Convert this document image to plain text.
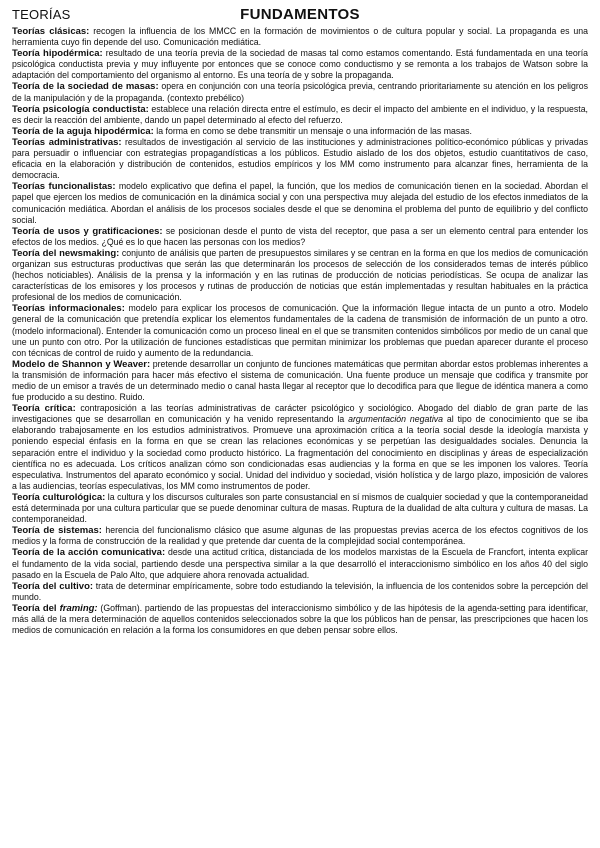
TEORÍAS	FUNDAMENTOS

Teorías clásicas: recogen la influencia de los MMCC en la formación de movimientos o de cultura popular y social. La propaganda es una herramienta cuyo fin depende del uso. Comunicación mediática.

Teoría hipodérmica: resultado de una teoría previa de la sociedad de masas tal como estamos comentando. Está fundamentada en una teoría psicológica conductista previa y muy influyente por entonces que se conoce como conductismo y se remonta a los trabajos de Watson sobre la adaptación del comportamiento del organismo al entorno. Es una teoría de y sobre la propaganda.

Teoría de la sociedad de masas: opera en conjunción con una teoría psicológica previa, centrando prioritariamente su atención en los peligros de la manipulación y de la propaganda. (contexto prebélico)

Teoría psicología conductista: establece una relación directa entre el estímulo, es decir el impacto del ambiente en el individuo, y la respuesta, es decir la reacción del ambiente, dando un papel determinado al efecto del refuerzo.

Teoría de la aguja hipodérmica: la forma en como se debe transmitir un mensaje o una información de las masas.

Teorías administrativas: resultados de investigación al servicio de las instituciones y administraciones político-económico públicas y privadas para persuadir o influenciar con estrategias propagandísticas a los públicos. Estudio aislado de los dos objetos, estudio cuantitativos de caso, eficacia en la elaboración y distribución de contenidos, estudios empíricos y los MM como instrumento para alcanzar fines, herramienta de la democracia.

Teorías funcionalistas: modelo explicativo que defina el papel, la función, que los medios de comunicación tienen en la sociedad. Abordan el papel que ejercen los medios de comunicación en la dinámica social y con una perspectiva muy alejada del estudio de los efectos inmediatos de la comunicación mediática. Abordan el análisis de los procesos sociales desde el que se denomina el problema del punto de equilibrio y del conflicto social.

Teoría de usos y gratificaciones: se posicionan desde el punto de vista del receptor, que pasa a ser un elemento central para entender los efectos de los medios. ¿Qué es lo que hacen las personas con los medios?

Teoría del newsmaking: conjunto de análisis que parten de presupuestos similares y se centran en la forma en que los medios de comunicación organizan sus estructuras productivas que serán las que determinarán los procesos de selección de los considerados temas de interés público (hechos noticiables). Análisis de la prensa y la información y en las rutinas de producción de noticias periodísticas. Se ocupa de analizar las características de los emisores y los procesos y rutinas de producción de noticias que están implementadas y resultan habituales en la práctica profesional de los medios de comunicación.

Teorías informacionales: modelo para explicar los procesos de comunicación. Que la información llegue intacta de un punto a otro. Modelo general de la comunicación que pretendía explicar los elementos fundamentales de la cadena de transmisión de información de un punto a otro. (modelo informacional). Entender la comunicación como un proceso lineal en el que se transmiten contenidos simbólicos por medio de un canal que une un punto con otro. Por la utilización de funciones estadísticas que permitan minimizar los problemas que puedan aparecer durante el proceso con técnicas de control de ruido y aumento de la redundancia.

Modelo de Shannon y Weaver: pretende desarrollar un conjunto de funciones matemáticas que permitan abordar estos problemas inherentes a la transmisión de información para hacer más efectivo el sistema de comunicación. Una fuente produce un mensaje que codifica y transmite por medio de un emisor a través de un determinado medio o canal hasta llegar al receptor que lo decodifica para que llegue de idéntica manera a como fue producido a su destino. Ruido.

Teoría crítica: contraposición a las teorías administrativas de carácter psicológico y sociológico. Abogado del diablo de gran parte de las investigaciones que se desarrollan en comunicación y ha venido representando la argumentación negativa al tipo de conocimiento que se iba elaborando trabajosamente en los estudios administrativos. Promueve una aproximación crítica a la teoría social desde la ideología marxista y poniendo especial énfasis en la forma en que se crean las relaciones económicas y se perpetúan las desigualdades sociales. Denuncia la separación entre el individuo y la sociedad como producto histórico. La fragmentación del conocimiento en disciplinas y áreas de especialización científica no es adecuada. Los críticos analizan cómo son condicionadas esas audiencias y la forma en que se les imponen los valores. Teoría especulativa. Instrumentos del aparato económico y social. Unidad del individuo y sociedad, visión holística y de largo plazo, imposición de valores a las audiencias, teorías especulativas, los MM como instrumentos de poder.

Teoría culturológica: la cultura y los discursos culturales son parte consustancial en sí mismos de cualquier sociedad y que la contemporaneidad está determinada por una cultura particular que se puede denominar cultura de masas. Ruptura de la dualidad de alta cultura y cultura de masas. La contemporaneidad.

Teoría de sistemas: herencia del funcionalismo clásico que asume algunas de las propuestas previas acerca de los efectos cognitivos de los medios y la forma de construcción de la realidad y que pretende dar cuenta de la complejidad social contemporánea.

Teoría de la acción comunicativa: desde una actitud crítica, distanciada de los modelos marxistas de la Escuela de Francfort, intenta explicar el fundamento de la vida social, partiendo desde una perspectiva similar a la que desarrolló el interaccionismo simbólico en los años 40 del siglo pasado en la Escuela de Palo Alto, que adquiere ahora renovada actualidad.

Teoría del cultivo: trata de determinar empíricamente, sobre todo estudiando la televisión, la influencia de los contenidos sobre la percepción del mundo.

Teoría del framing: (Goffman). partiendo de las propuestas del interaccionismo simbólico y de las hipótesis de la agenda-setting para identificar, más allá de la mera determinación de aquellos contenidos seleccionados sobre la que los públicos han de pensar, las prescripciones que hacen los medios de comunicación en relación a la forma los consumidores en que deben pensar sobre ellos.
